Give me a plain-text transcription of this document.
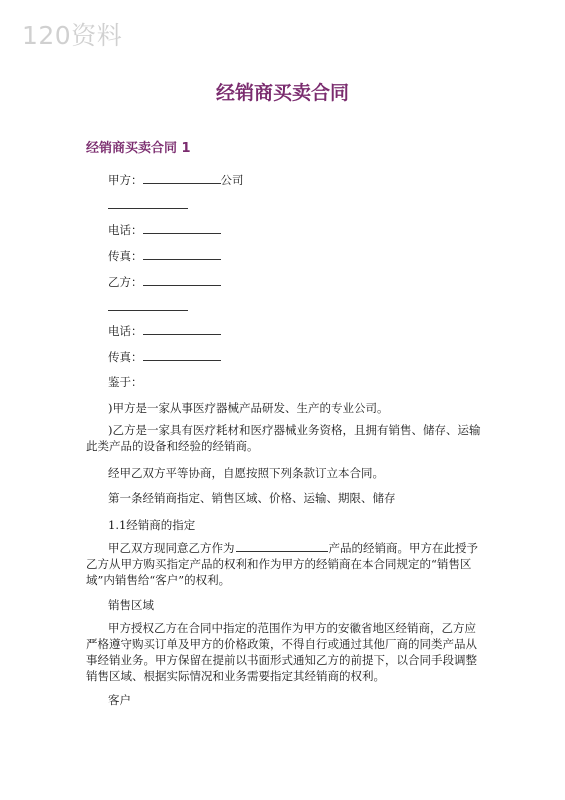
120资料
经销商买卖合同
经销商买卖合同 1
甲方：	公司
电话：
传真：
乙方：
电话：
传真：
鉴于：
)甲方是一家从事医疗器械产品研发、生产的专业公司。
)乙方是一家具有医疗耗材和医疗器械业务资格，且拥有销售、储存、运输此类产品的设备和经验的经销商。
经甲乙双方平等协商，自愿按照下列条款订立本合同。
第一条经销商指定、销售区域、价格、运输、期限、储存
1.1经销商的指定
甲乙双方现同意乙方作为	产品的经销商。甲方在此授予乙方从甲方购买指定产品的权利和作为甲方的经销商在本合同规定的“销售区域”内销售给“客户”的权利。
销售区域
甲方授权乙方在合同中指定的范围作为甲方的安徽省地区经销商，乙方应严格遵守购买订单及甲方的价格政策，不得自行或通过其他厂商的同类产品从事经销业务。甲方保留在提前以书面形式通知乙方的前提下，以合同手段调整销售区域、根据实际情况和业务需要指定其经销商的权利。
客户
